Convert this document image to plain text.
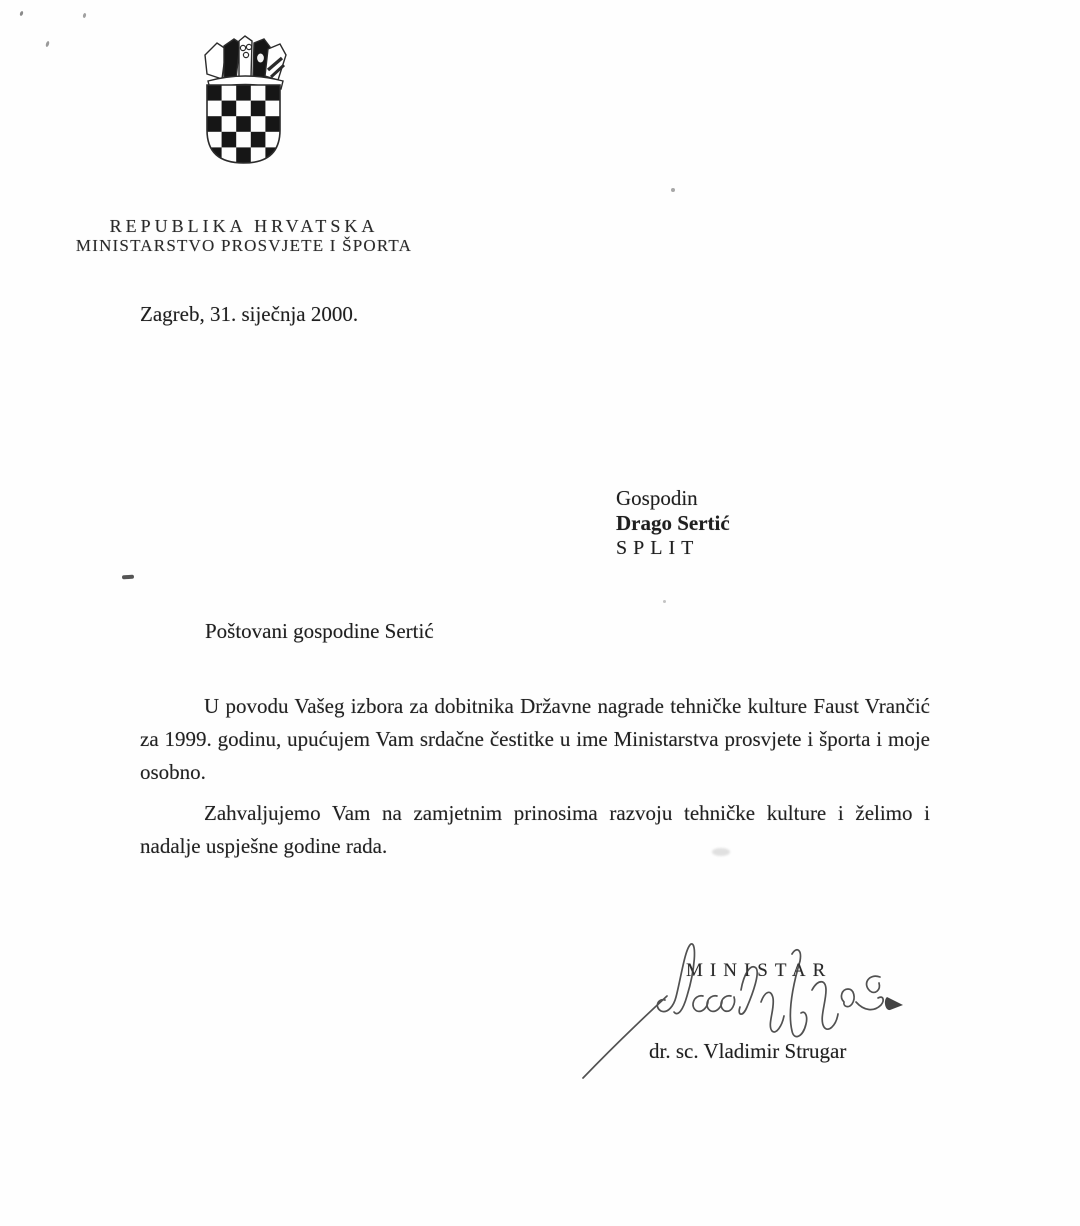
REPUBLIKA HRVATSKA
MINISTARSTVO PROSVJETE I ŠPORTA
Zagreb, 31. siječnja 2000.
Gospodin
Drago Sertić
SPLIT
Poštovani gospodine Sertić

U povodu Vašeg izbora za dobitnika Državne nagrade tehničke kulture Faust Vrančić za 1999. godinu, upućujem Vam srdačne čestitke u ime Ministarstva prosvjete i športa i moje osobno.

Zahvaljujemo Vam na zamjetnim prinosima razvoju tehničke kulture i želimo i nadalje uspješne godine rada.

MINISTAR
dr. sc. Vladimir Strugar
